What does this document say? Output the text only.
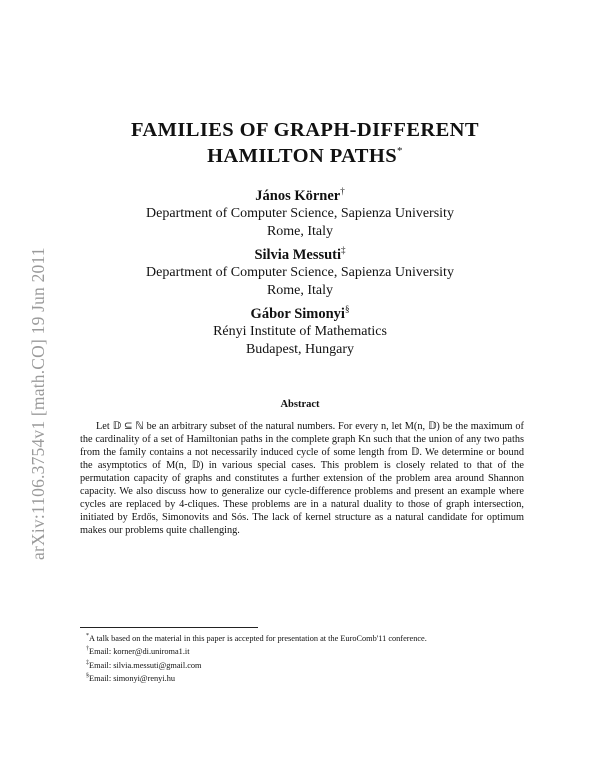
arXiv:1106.3754v1 [math.CO] 19 Jun 2011
FAMILIES OF GRAPH-DIFFERENT
HAMILTON PATHS*
János Körner†
Department of Computer Science, Sapienza University
Rome, Italy
Silvia Messuti‡
Department of Computer Science, Sapienza University
Rome, Italy
Gábor Simonyi§
Rényi Institute of Mathematics
Budapest, Hungary
Abstract
Let 𝔻 ⊆ ℕ be an arbitrary subset of the natural numbers. For every n, let M(n, 𝔻) be the maximum of the cardinality of a set of Hamiltonian paths in the complete graph Kn such that the union of any two paths from the family contains a not necessarily induced cycle of some length from 𝔻. We determine or bound the asymptotics of M(n, 𝔻) in various special cases. This problem is closely related to that of the permutation capacity of graphs and constitutes a further extension of the problem area around Shannon capacity. We also discuss how to generalize our cycle-difference problems and present an example where cycles are replaced by 4-cliques. These problems are in a natural duality to those of graph intersection, initiated by Erdős, Simonovits and Sós. The lack of kernel structure as a natural candidate for optimum makes our problems quite challenging.
*A talk based on the material in this paper is accepted for presentation at the EuroComb'11 conference.
†Email: korner@di.uniroma1.it
‡Email: silvia.messuti@gmail.com
§Email: simonyi@renyi.hu
